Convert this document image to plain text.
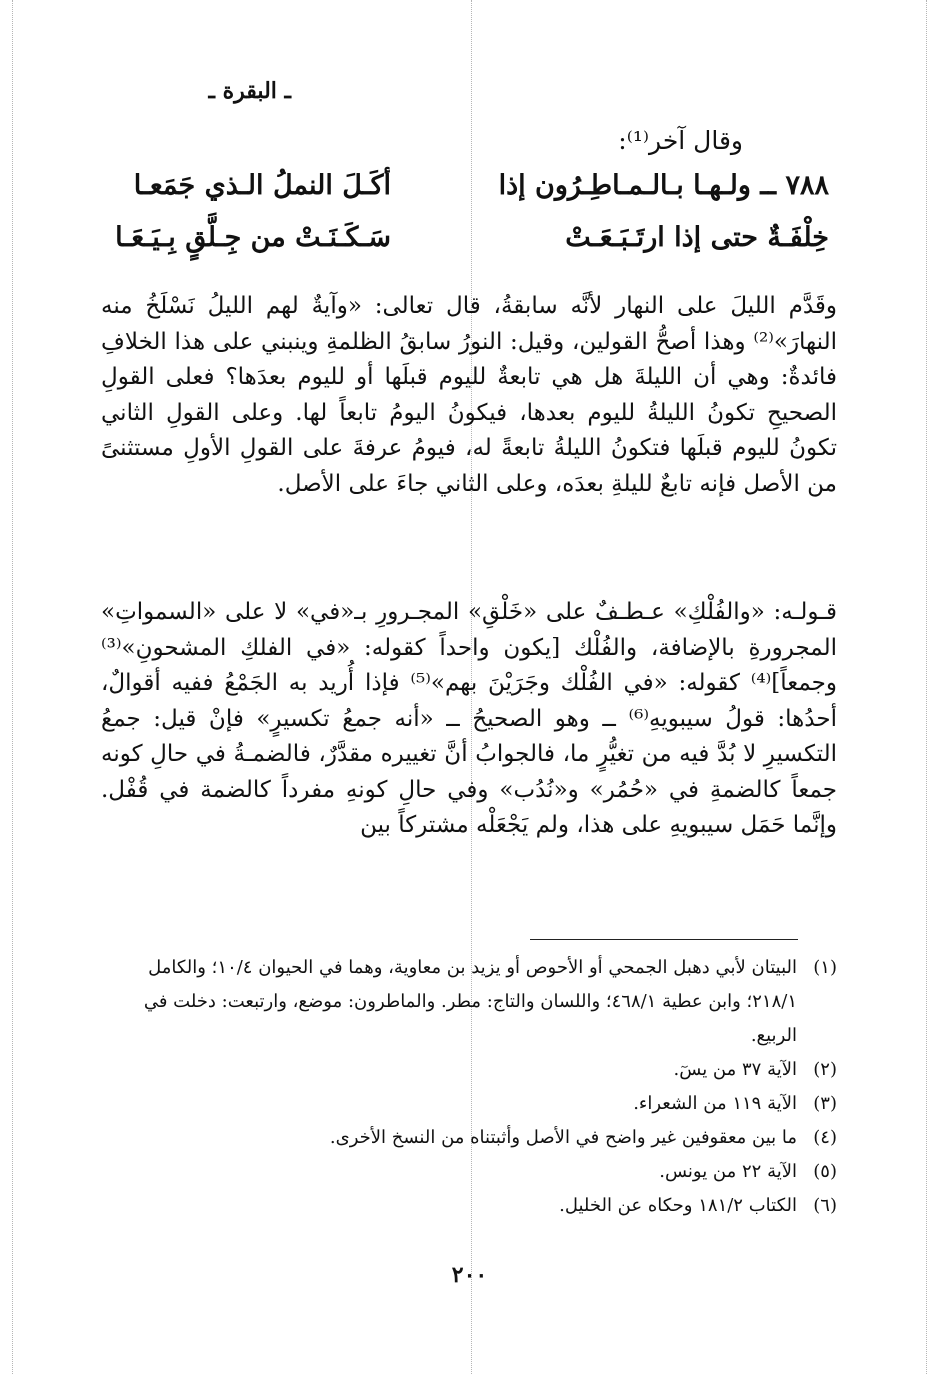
ـ البقرة ـ
وقال آخر⁽¹⁾:
٧٨٨ ــ ولـهـا بـالـمـاطِـرُون إذا
أكَـلَ النملُ الـذي جَمَعـا
خِلْفَـةٌ حتى إذا ارتَـبَـعَـتْ
سَـكَـنَـتْ من جِـلَّقٍ بِـيَـعَـا

وقَدَّم الليلَ على النهار لأنَّه سابقةُ، قال تعالى: «وآيةٌ لهم الليلُ نَسْلَخُ منه النهارَ»⁽²⁾ وهذا أصحُّ القولين، وقيل: النورُ سابقُ الظلمةِ وينبني على هذا الخلافِ فائدةٌ: وهي أن الليلةَ هل هي تابعةٌ لليوم قبلَها أو لليوم بعدَها؟ فعلى القولِ الصحيحِ تكونُ الليلةُ لليوم بعدها، فيكونُ اليومُ تابعاً لها. وعلى القولِ الثاني تكونُ لليوم قبلَها فتكونُ الليلةُ تابعةً له، فيومُ عرفةَ على القولِ الأولِ مستثنىً من الأصل فإنه تابعٌ لليلةِ بعدَه، وعلى الثاني جاءَ على الأصل.

قـولـه: «والفُلْكِ» عـطـفٌ على «خَلْقِ» المجـرورِ بـ«في» لا على «السمواتِ» المجرورةِ بالإضافة، والفُلْك [يكون واحداً كقوله: «في الفلكِ المشحونِ»⁽³⁾ وجمعاً]⁽⁴⁾ كقوله: «في الفُلْك وجَرَيْنَ بهم»⁽⁵⁾ فإذا أُريد به الجَمْعُ ففيه أقوالٌ، أحدُها: قولُ سيبويهِ⁽⁶⁾ ــ وهو الصحيحُ ــ «أنه جمعُ تكسيرٍ» فإنْ قيل: جمعُ التكسيرِ لا بُدَّ فيه من تغيُّرٍ ما، فالجوابُ أنَّ تغييره مقدَّرٌ، فالضمـةُ في حالِ كونه جمعاً كالضمةِ في «حُمُر» و«نُدُب» وفي حالِ كونهِ مفرداً كالضمة في قُفْل. وإنَّما حَمَل سيبويهِ على هذا، ولم يَجْعَلْه مشتركاً بين

(١)
البيتان لأبي دهبل الجمحي أو الأحوص أو يزيد بن معاوية، وهما في الحيوان ١٠/٤؛ والكامل ٢١٨/١؛ وابن عطية ٤٦٨/١؛ واللسان والتاج: مطر. والماطرون: موضع، وارتبعت: دخلت في الربيع.
(٢)
الآية ٣٧ من يسٓ.
(٣)
الآية ١١٩ من الشعراء.
(٤)
ما بين معقوفين غير واضح في الأصل وأثبتناه من النسخ الأخرى.
(٥)
الآية ٢٢ من يونس.
(٦)
الكتاب ١٨١/٢ وحكاه عن الخليل.
٢٠٠
